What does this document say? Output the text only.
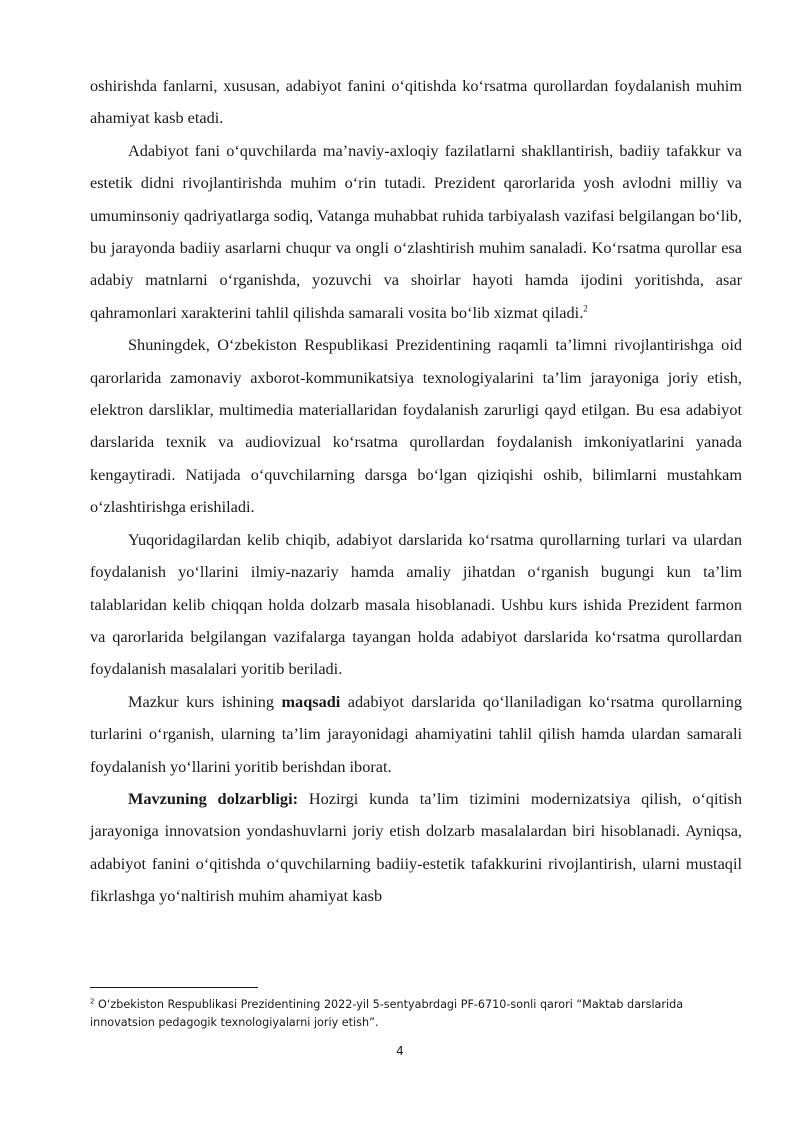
oshirishda fanlarni, xususan, adabiyot fanini o‘qitishda ko‘rsatma qurollardan foydalanish muhim ahamiyat kasb etadi.

Adabiyot fani o‘quvchilarda ma’naviy-axloqiy fazilatlarni shakllantirish, badiiy tafakkur va estetik didni rivojlantirishda muhim o‘rin tutadi. Prezident qarorlarida yosh avlodni milliy va umuminsoniy qadriyatlarga sodiq, Vatanga muhabbat ruhida tarbiyalash vazifasi belgilangan bo‘lib, bu jarayonda badiiy asarlarni chuqur va ongli o‘zlashtirish muhim sanaladi. Ko‘rsatma qurollar esa adabiy matnlarni o‘rganishda, yozuvchi va shoirlar hayoti hamda ijodini yoritishda, asar qahramonlari xarakterini tahlil qilishda samarali vosita bo‘lib xizmat qiladi.$^2$

Shuningdek, O‘zbekiston Respublikasi Prezidentining raqamli ta’limni rivojlantirishga oid qarorlarida zamonaviy axborot-kommunikatsiya texnologiyalarini ta’lim jarayoniga joriy etish, elektron darsliklar, multimedia materiallaridan foydalanish zarurligi qayd etilgan. Bu esa adabiyot darslarida texnik va audiovizual ko‘rsatma qurollardan foydalanish imkoniyatlarini yanada kengaytiradi. Natijada o‘quvchilarning darsga bo‘lgan qiziqishi oshib, bilimlarni mustahkam o‘zlashtirishga erishiladi.

Yuqoridagilardan kelib chiqib, adabiyot darslarida ko‘rsatma qurollarning turlari va ulardan foydalanish yo‘llarini ilmiy-nazariy hamda amaliy jihatdan o‘rganish bugungi kun ta’lim talablaridan kelib chiqqan holda dolzarb masala hisoblanadi. Ushbu kurs ishida Prezident farmon va qarorlarida belgilangan vazifalarga tayangan holda adabiyot darslarida ko‘rsatma qurollardan foydalanish masalalari yoritib beriladi.

Mazkur kurs ishining maqsadi adabiyot darslarida qo‘llaniladigan ko‘rsatma qurollarning turlarini o‘rganish, ularning ta’lim jarayonidagi ahamiyatini tahlil qilish hamda ulardan samarali foydalanish yo‘llarini yoritib berishdan iborat.

Mavzuning dolzarbligi: Hozirgi kunda ta’lim tizimini modernizatsiya qilish, o‘qitish jarayoniga innovatsion yondashuvlarni joriy etish dolzarb masalalardan biri hisoblanadi. Ayniqsa, adabiyot fanini o‘qitishda o‘quvchilarning badiiy-estetik tafakkurini rivojlantirish, ularni mustaqil fikrlashga yo‘naltirish muhim ahamiyat kasb

$^2$ O‘zbekiston Respublikasi Prezidentining 2022-yil 5-sentyabrdagi PF-6710-sonli qarori “Maktab darslarida innovatsion pedagogik texnologiyalarni joriy etish”.

4
